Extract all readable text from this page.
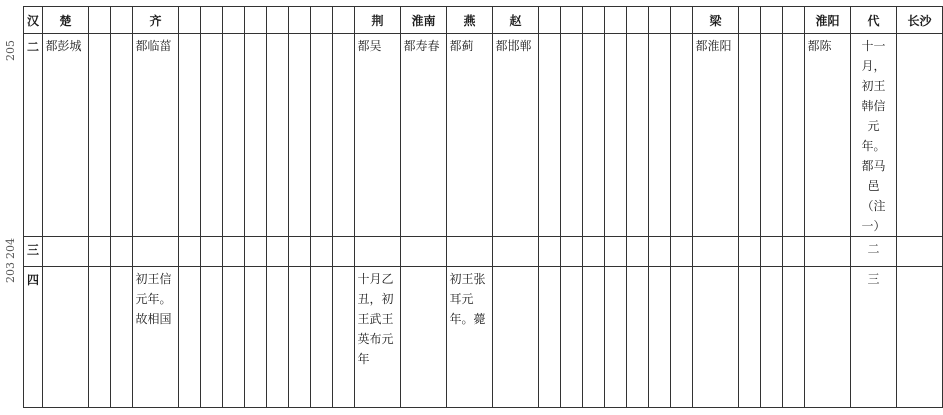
205
204
203
汉	楚			齐									荆	淮南	燕	赵								梁				淮阳	代	长沙

二	都彭城			都临菑									都吴	都寿春	都蓟	都邯郸								都淮阳				都陈	十一月，初王韩信元年。都马邑（注一）	

三																													二	

四				初王信元年。故相国									十月乙丑，初王武王英布元年		初王张耳元年。薨														三	
